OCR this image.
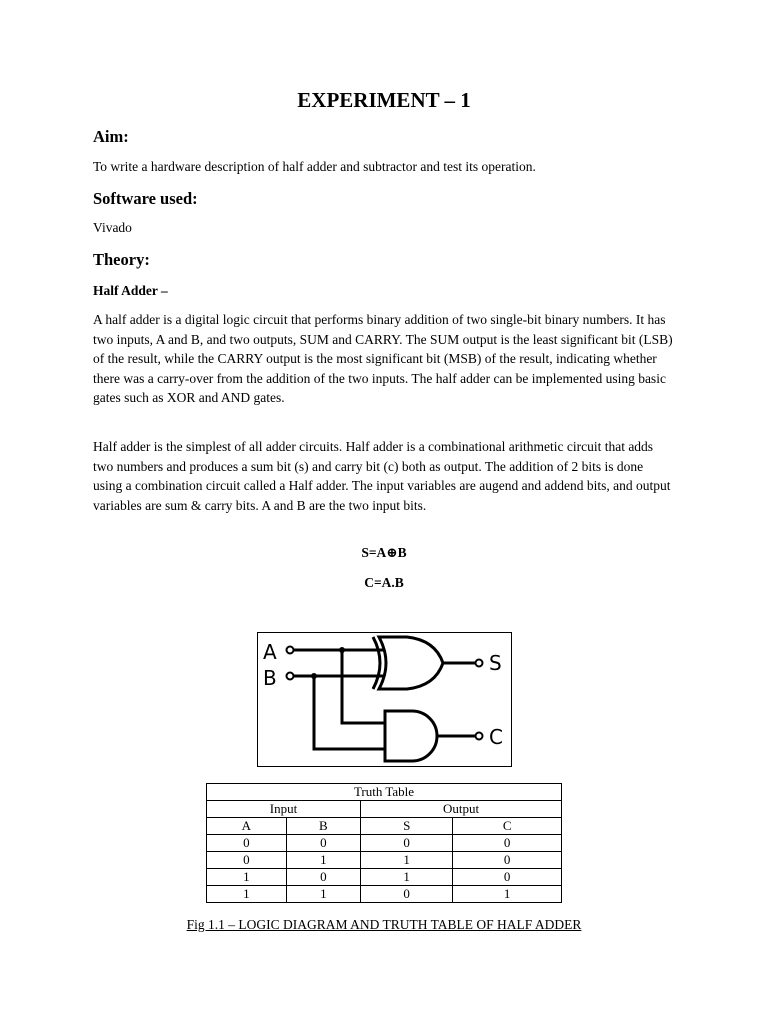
EXPERIMENT – 1
Aim:
To write a hardware description of half adder and subtractor and test its operation.
Software used:
Vivado
Theory:
Half Adder –
A half adder is a digital logic circuit that performs binary addition of two single-bit binary numbers. It has two inputs, A and B, and two outputs, SUM and CARRY. The SUM output is the least significant bit (LSB) of the result, while the CARRY output is the most significant bit (MSB) of the result, indicating whether there was a carry-over from the addition of the two inputs. The half adder can be implemented using basic gates such as XOR and AND gates.
Half adder is the simplest of all adder circuits. Half adder is a combinational arithmetic circuit that adds two numbers and produces a sum bit (s) and carry bit (c) both as output. The addition of 2 bits is done using a combination circuit called a Half adder. The input variables are augend and addend bits, and output variables are sum & carry bits. A and B are the two input bits.
S=A⊕B
C=A.B
A
B
S
C
Truth Table			
Input		Output	
A	B	S	C
0	0	0	0
0	1	1	0
1	0	1	0
1	1	0	1
Fig 1.1 – LOGIC DIAGRAM AND TRUTH TABLE OF HALF ADDER
